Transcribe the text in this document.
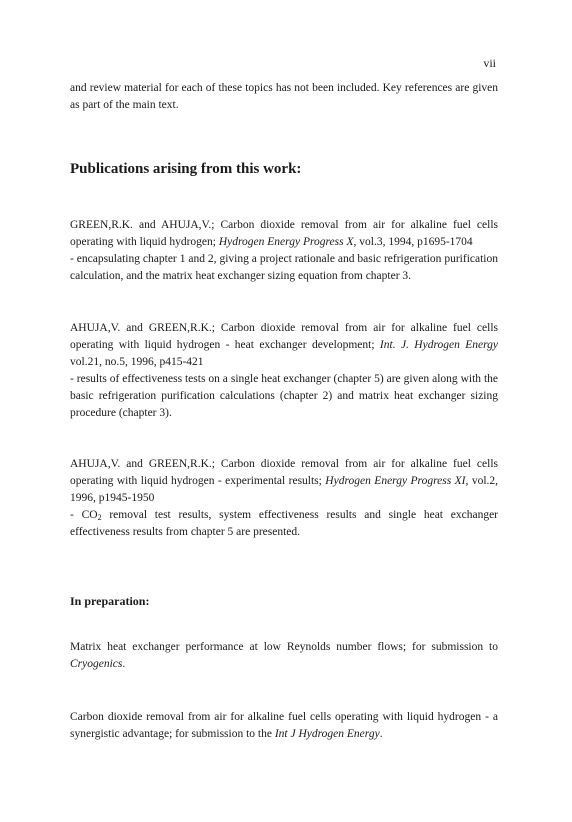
vii

and review material for each of these topics has not been included. Key references are given as part of the main text.

Publications arising from this work:

GREEN,R.K. and AHUJA,V.; Carbon dioxide removal from air for alkaline fuel cells operating with liquid hydrogen; Hydrogen Energy Progress X, vol.3, 1994, p1695-1704
- encapsulating chapter 1 and 2, giving a project rationale and basic refrigeration purification calculation, and the matrix heat exchanger sizing equation from chapter 3.

AHUJA,V. and GREEN,R.K.; Carbon dioxide removal from air for alkaline fuel cells operating with liquid hydrogen - heat exchanger development; Int. J. Hydrogen Energy vol.21, no.5, 1996, p415-421
- results of effectiveness tests on a single heat exchanger (chapter 5) are given along with the basic refrigeration purification calculations (chapter 2) and matrix heat exchanger sizing procedure (chapter 3).

AHUJA,V. and GREEN,R.K.; Carbon dioxide removal from air for alkaline fuel cells operating with liquid hydrogen - experimental results; Hydrogen Energy Progress XI, vol.2, 1996, p1945-1950
- $CO_2$ removal test results, system effectiveness results and single heat exchanger effectiveness results from chapter 5 are presented.

In preparation:

Matrix heat exchanger performance at low Reynolds number flows; for submission to Cryogenics.

Carbon dioxide removal from air for alkaline fuel cells operating with liquid hydrogen - a synergistic advantage; for submission to the Int J Hydrogen Energy.
